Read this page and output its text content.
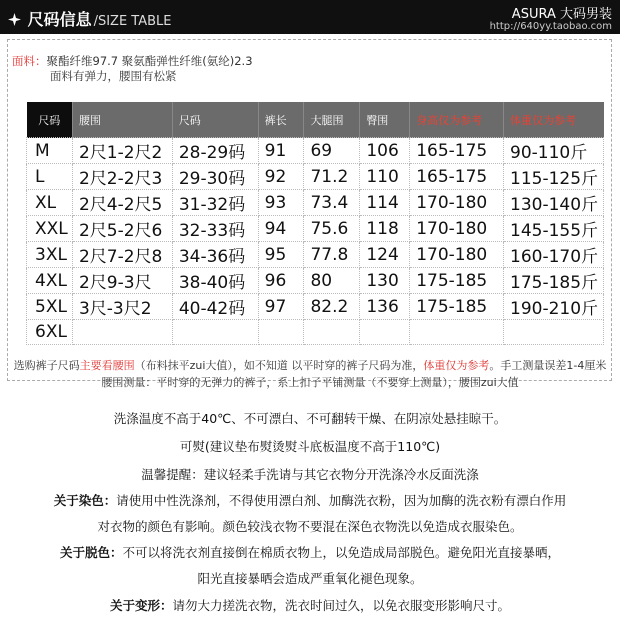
尺码信息 /SIZE TABLE	ASURA 大码男装
http://640yy.taobao.com
面料：聚酯纤维97.7 聚氨酯弹性纤维(氨纶)2.3
面料有弹力，腰围有松紧
尺码	腰围	尺码	裤长	大腿围	臀围	身高仅为参考	体重仅为参考
M	2尺1-2尺2	28-29码	91	69	106	165-175	90-110斤
L	2尺2-2尺3	29-30码	92	71.2	110	165-175	115-125斤
XL	2尺4-2尺5	31-32码	93	73.4	114	170-180	130-140斤
XXL	2尺5-2尺6	32-33码	94	75.6	118	170-180	145-155斤
3XL	2尺7-2尺8	34-36码	95	77.8	124	170-180	160-170斤
4XL	2尺9-3尺	38-40码	96	80	130	175-185	175-185斤
5XL	3尺-3尺2	40-42码	97	82.2	136	175-185	190-210斤
6XL							
选购裤子尺码主要看腰围（布料抹平zui大值），如不知道 以平时穿的裤子尺码为准，体重仅为参考。手工测量误差1-4厘米
腰围测量：平时穿的无弹力的裤子，系上扣子平铺测量（不要穿上测量），腰围zui大值
洗涤温度不高于40℃、不可漂白、不可翻转干燥、在阴凉处悬挂晾干。
可熨(建议垫布熨烫熨斗底板温度不高于110℃)
温馨提醒：建议轻柔手洗请与其它衣物分开洗涤冷水反面洗涤
关于染色：请使用中性洗涤剂，不得使用漂白剂、加酶洗衣粉，因为加酶的洗衣粉有漂白作用
对衣物的颜色有影响。颜色较浅衣物不要混在深色衣物洗以免造成衣服染色。
关于脱色：不可以将洗衣剂直接倒在棉质衣物上，以免造成局部脱色。避免阳光直接暴晒，
阳光直接暴晒会造成严重氧化褪色现象。
关于变形：请勿大力搓洗衣物，洗衣时间过久，以免衣服变形影响尺寸。
